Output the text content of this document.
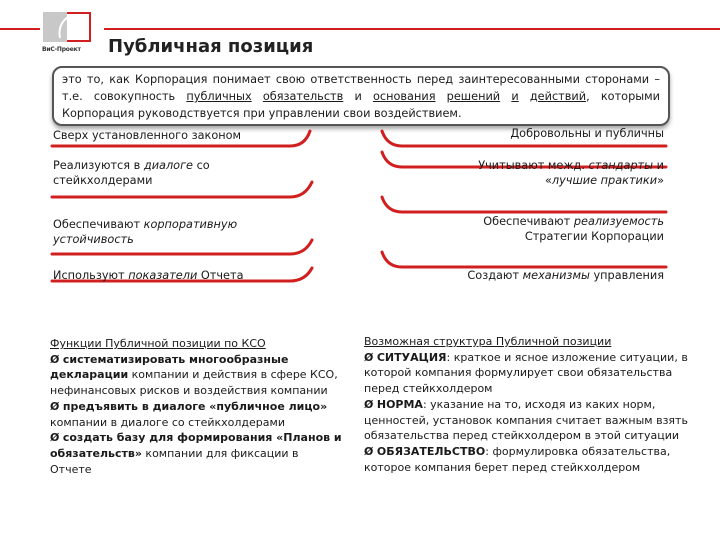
ВиС-Проект Публичная позиция
это то, как Корпорация понимает свою ответственность перед заинтересованными сторонами – т.е. совокупность публичных обязательств и основания решений и действий, которыми Корпорация руководствуется при управлении свои воздействием.
Сверх установленного законом
Реализуются в диалоге со стейкхолдерами
Обеспечивают корпоративную устойчивость
Используют показатели Отчета
Добровольны и публичны
Учитывают межд. стандарты и «лучшие практики»
Обеспечивают реализуемость Стратегии Корпорации
Создают механизмы управления
Функции Публичной позиции по КСО
Ø систематизировать многообразные декларации компании и действия в сфере КСО, нефинансовых рисков и воздействия компании
Ø предъявить в диалоге «публичное лицо» компании в диалоге со стейкхолдерами
Ø создать базу для формирования «Планов и обязательств» компании для фиксации в Отчете
Возможная структура Публичной позиции
Ø СИТУАЦИЯ: краткое и ясное изложение ситуации, в которой компания формулирует свои обязательства перед стейкхолдером
Ø НОРМА: указание на то, исходя из каких норм, ценностей, установок компания считает важным взять обязательства перед стейкхолдером в этой ситуации
Ø ОБЯЗАТЕЛЬСТВО: формулировка обязательства, которое компания берет перед стейкхолдером
